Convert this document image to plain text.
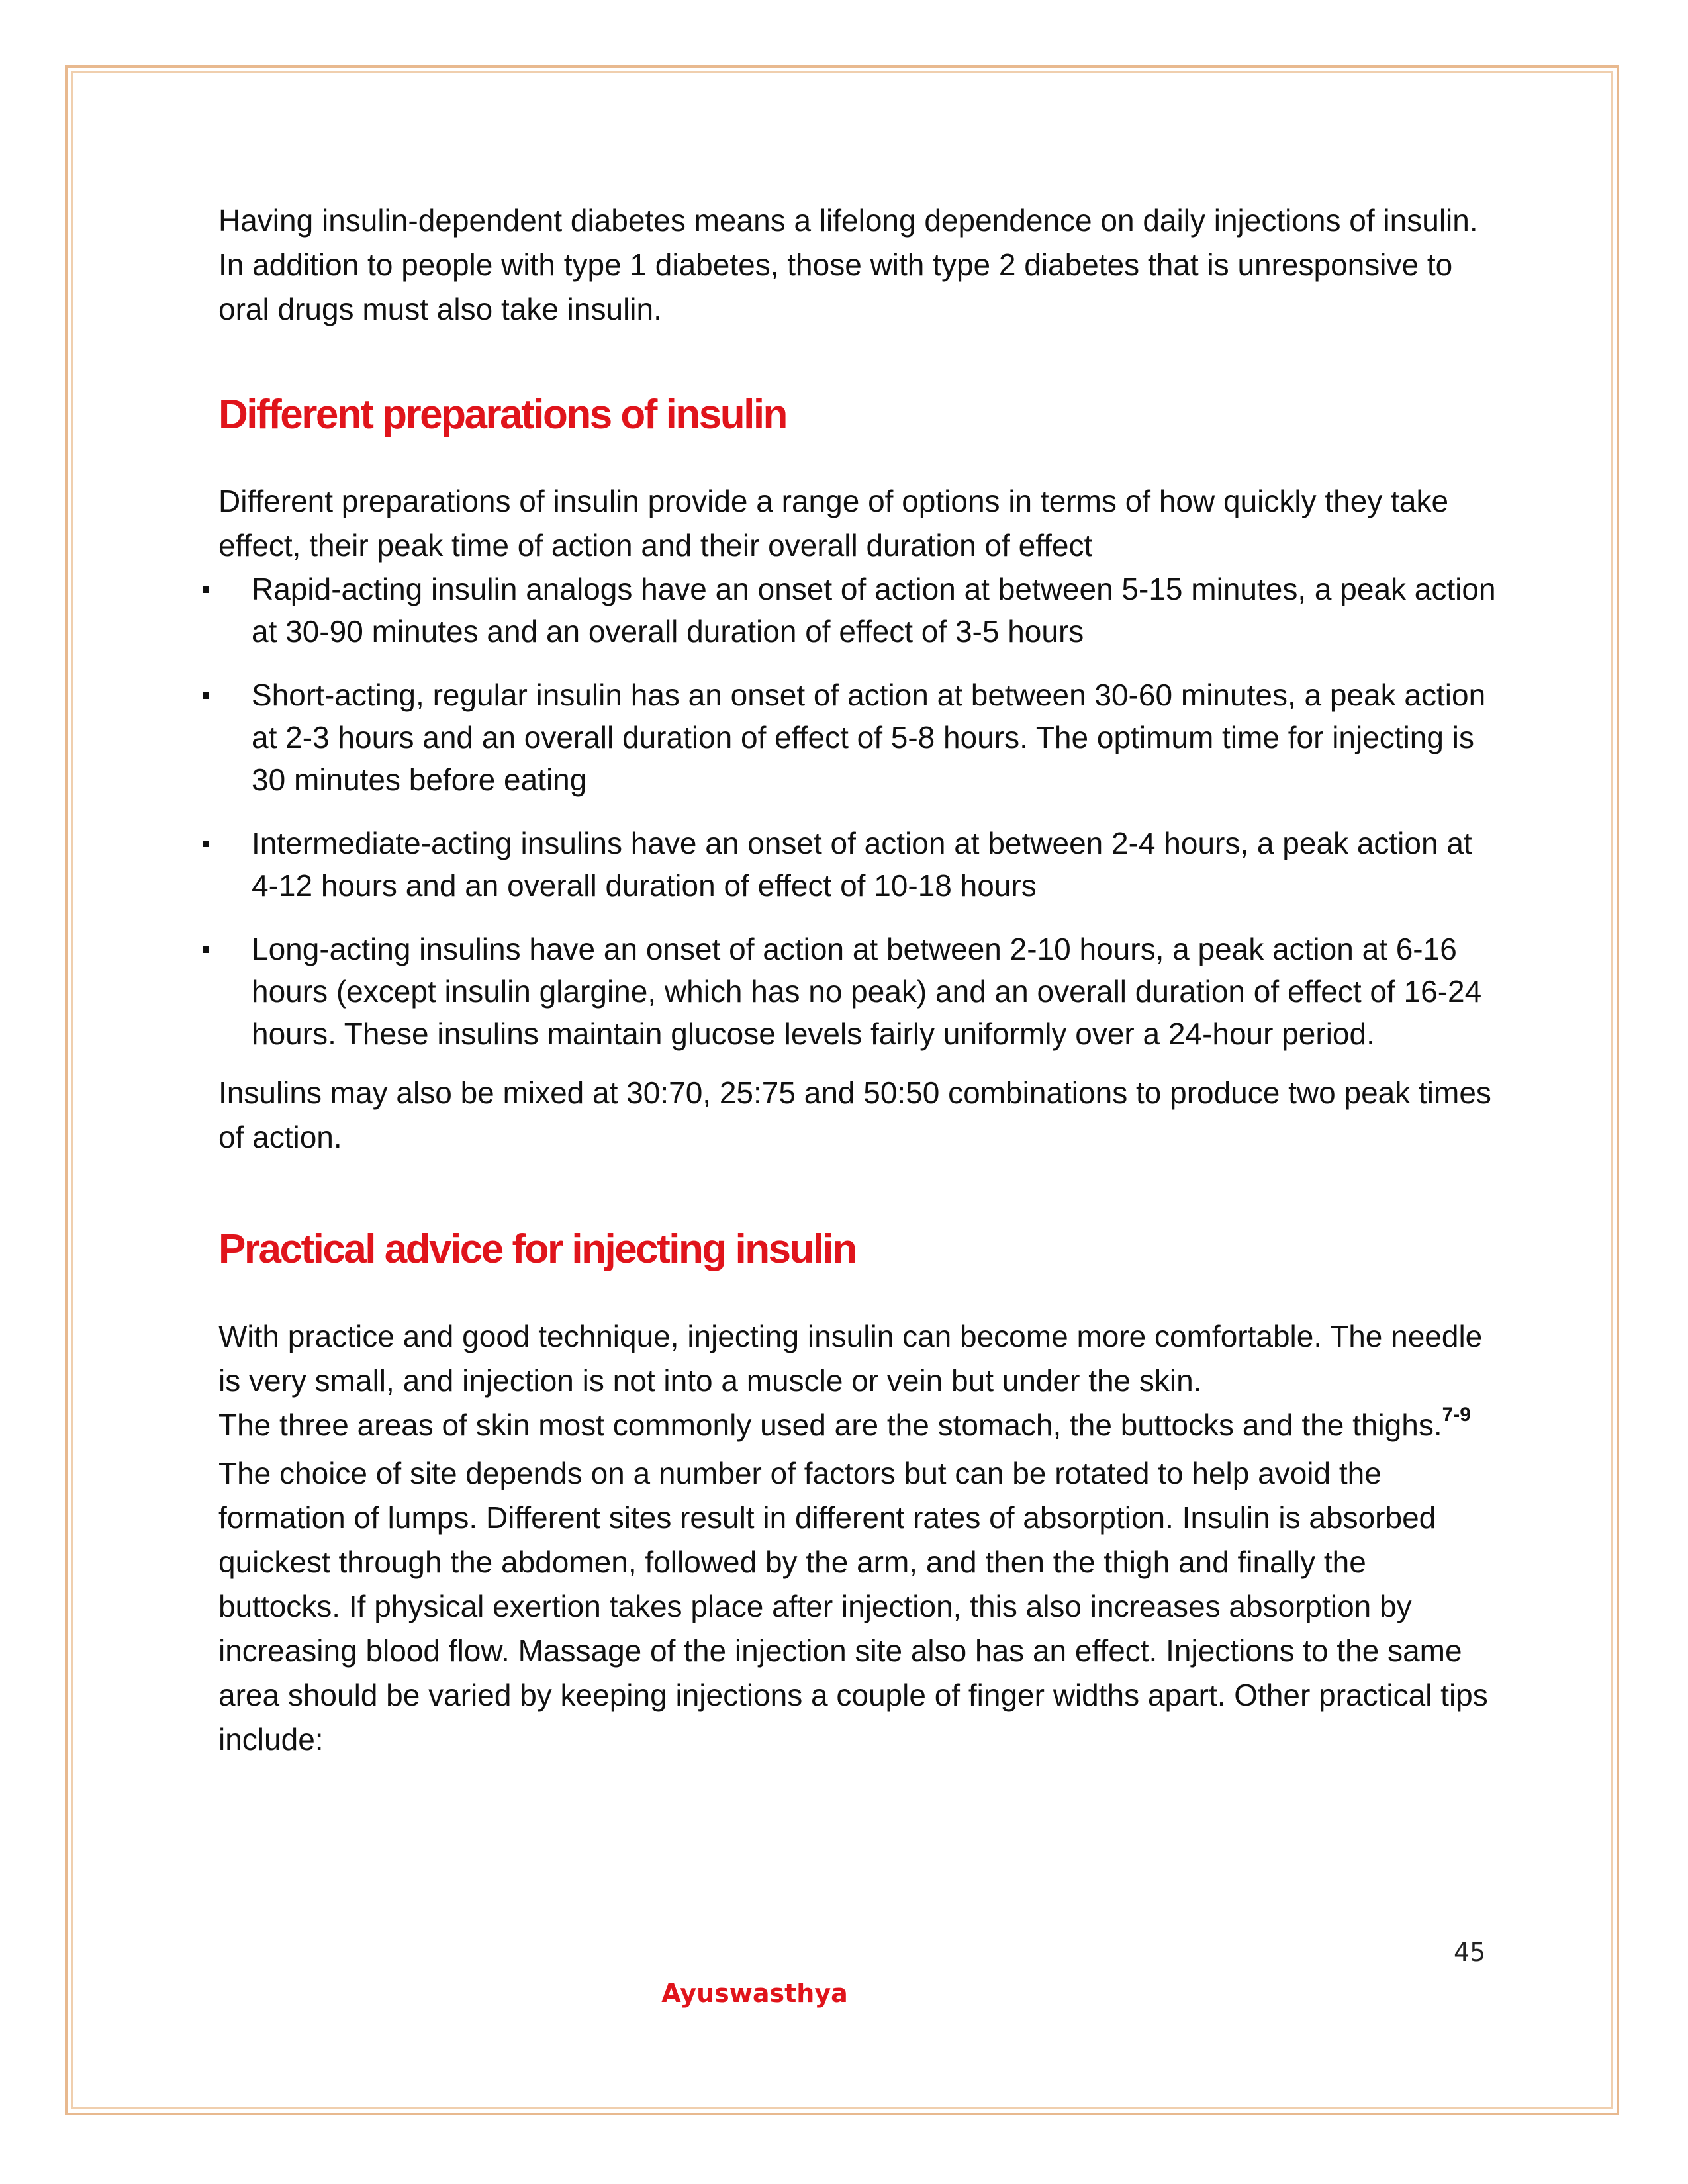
Having insulin-dependent diabetes means a lifelong dependence on daily injections of insulin. In addition to people with type 1 diabetes, those with type 2 diabetes that is unresponsive to oral drugs must also take insulin.

Different preparations of insulin

Different preparations of insulin provide a range of options in terms of how quickly they take effect, their peak time of action and their overall duration of effect

Rapid-acting insulin analogs have an onset of action at between 5-15 minutes, a peak action at 30-90 minutes and an overall duration of effect of 3-5 hours
Short-acting, regular insulin has an onset of action at between 30-60 minutes, a peak action at 2-3 hours and an overall duration of effect of 5-8 hours. The optimum time for injecting is 30 minutes before eating
Intermediate-acting insulins have an onset of action at between 2-4 hours, a peak action at 4-12 hours and an overall duration of effect of 10-18 hours
Long-acting insulins have an onset of action at between 2-10 hours, a peak action at 6-16 hours (except insulin glargine, which has no peak) and an overall duration of effect of 16-24 hours. These insulins maintain glucose levels fairly uniformly over a 24-hour period.

Insulins may also be mixed at 30:70, 25:75 and 50:50 combinations to produce two peak times of action.

Practical advice for injecting insulin

With practice and good technique, injecting insulin can become more comfortable. The needle is very small, and injection is not into a muscle or vein but under the skin.

The three areas of skin most commonly used are the stomach, the buttocks and the thighs.$^{7-9}$

The choice of site depends on a number of factors but can be rotated to help avoid the formation of lumps. Different sites result in different rates of absorption. Insulin is absorbed quickest through the abdomen, followed by the arm, and then the thigh and finally the buttocks. If physical exertion takes place after injection, this also increases absorption by increasing blood flow. Massage of the injection site also has an effect. Injections to the same area should be varied by keeping injections a couple of finger widths apart. Other practical tips include:

45
Ayuswasthya
